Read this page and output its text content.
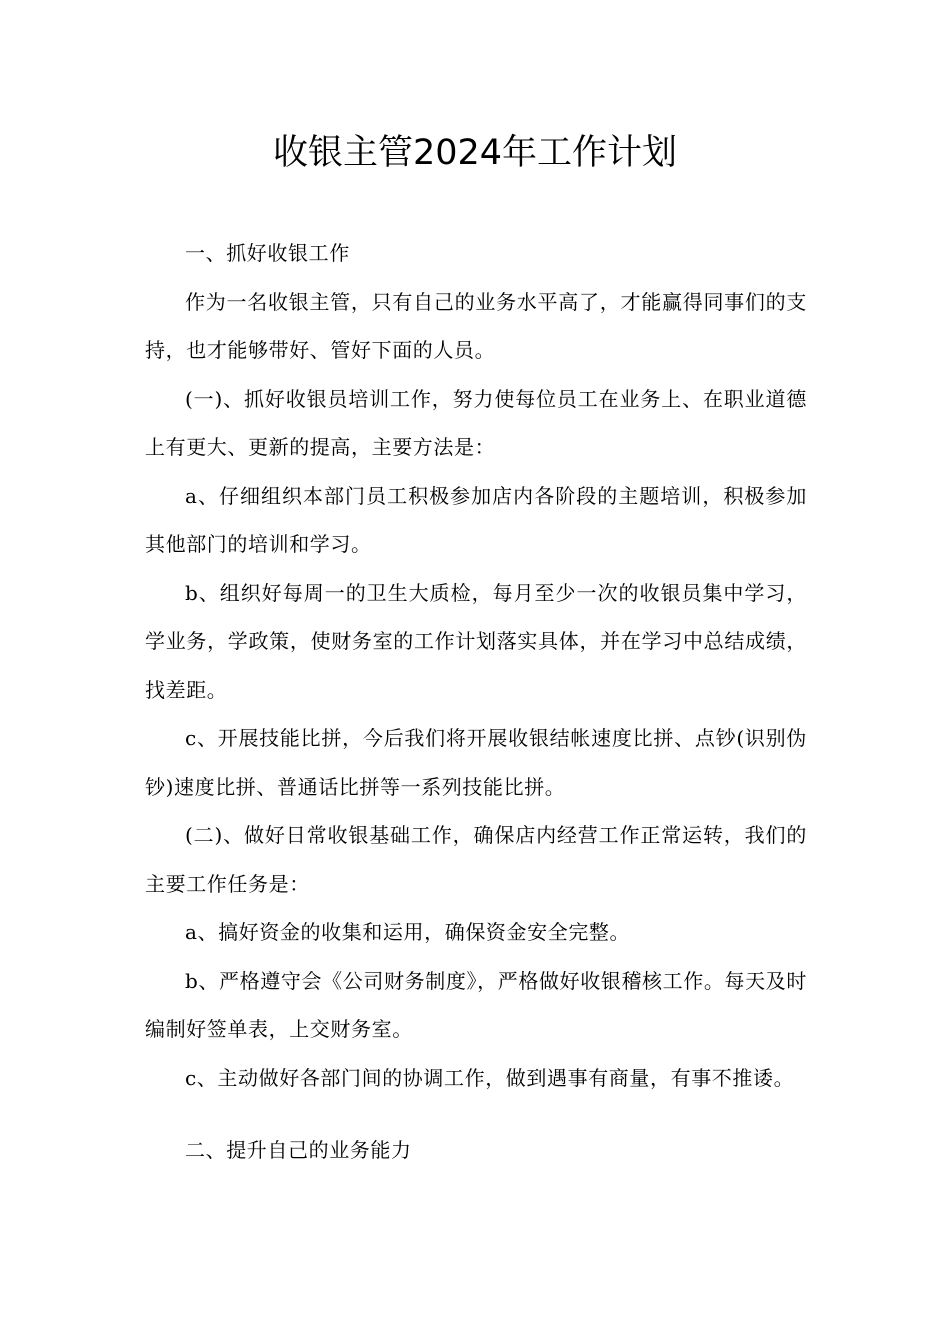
收银主管2024年工作计划

一、抓好收银工作

作为一名收银主管，只有自己的业务水平高了，才能赢得同事们的支持，也才能够带好、管好下面的人员。

(一)、抓好收银员培训工作，努力使每位员工在业务上、在职业道德上有更大、更新的提高，主要方法是：

a、仔细组织本部门员工积极参加店内各阶段的主题培训，积极参加其他部门的培训和学习。

b、组织好每周一的卫生大质检，每月至少一次的收银员集中学习，学业务，学政策，使财务室的工作计划落实具体，并在学习中总结成绩，找差距。

c、开展技能比拼，今后我们将开展收银结帐速度比拼、点钞(识别伪钞)速度比拼、普通话比拼等一系列技能比拼。

(二)、做好日常收银基础工作，确保店内经营工作正常运转，我们的主要工作任务是：

a、搞好资金的收集和运用，确保资金安全完整。

b、严格遵守会《公司财务制度》，严格做好收银稽核工作。每天及时编制好签单表，上交财务室。

c、主动做好各部门间的协调工作，做到遇事有商量，有事不推诿。

二、提升自己的业务能力
